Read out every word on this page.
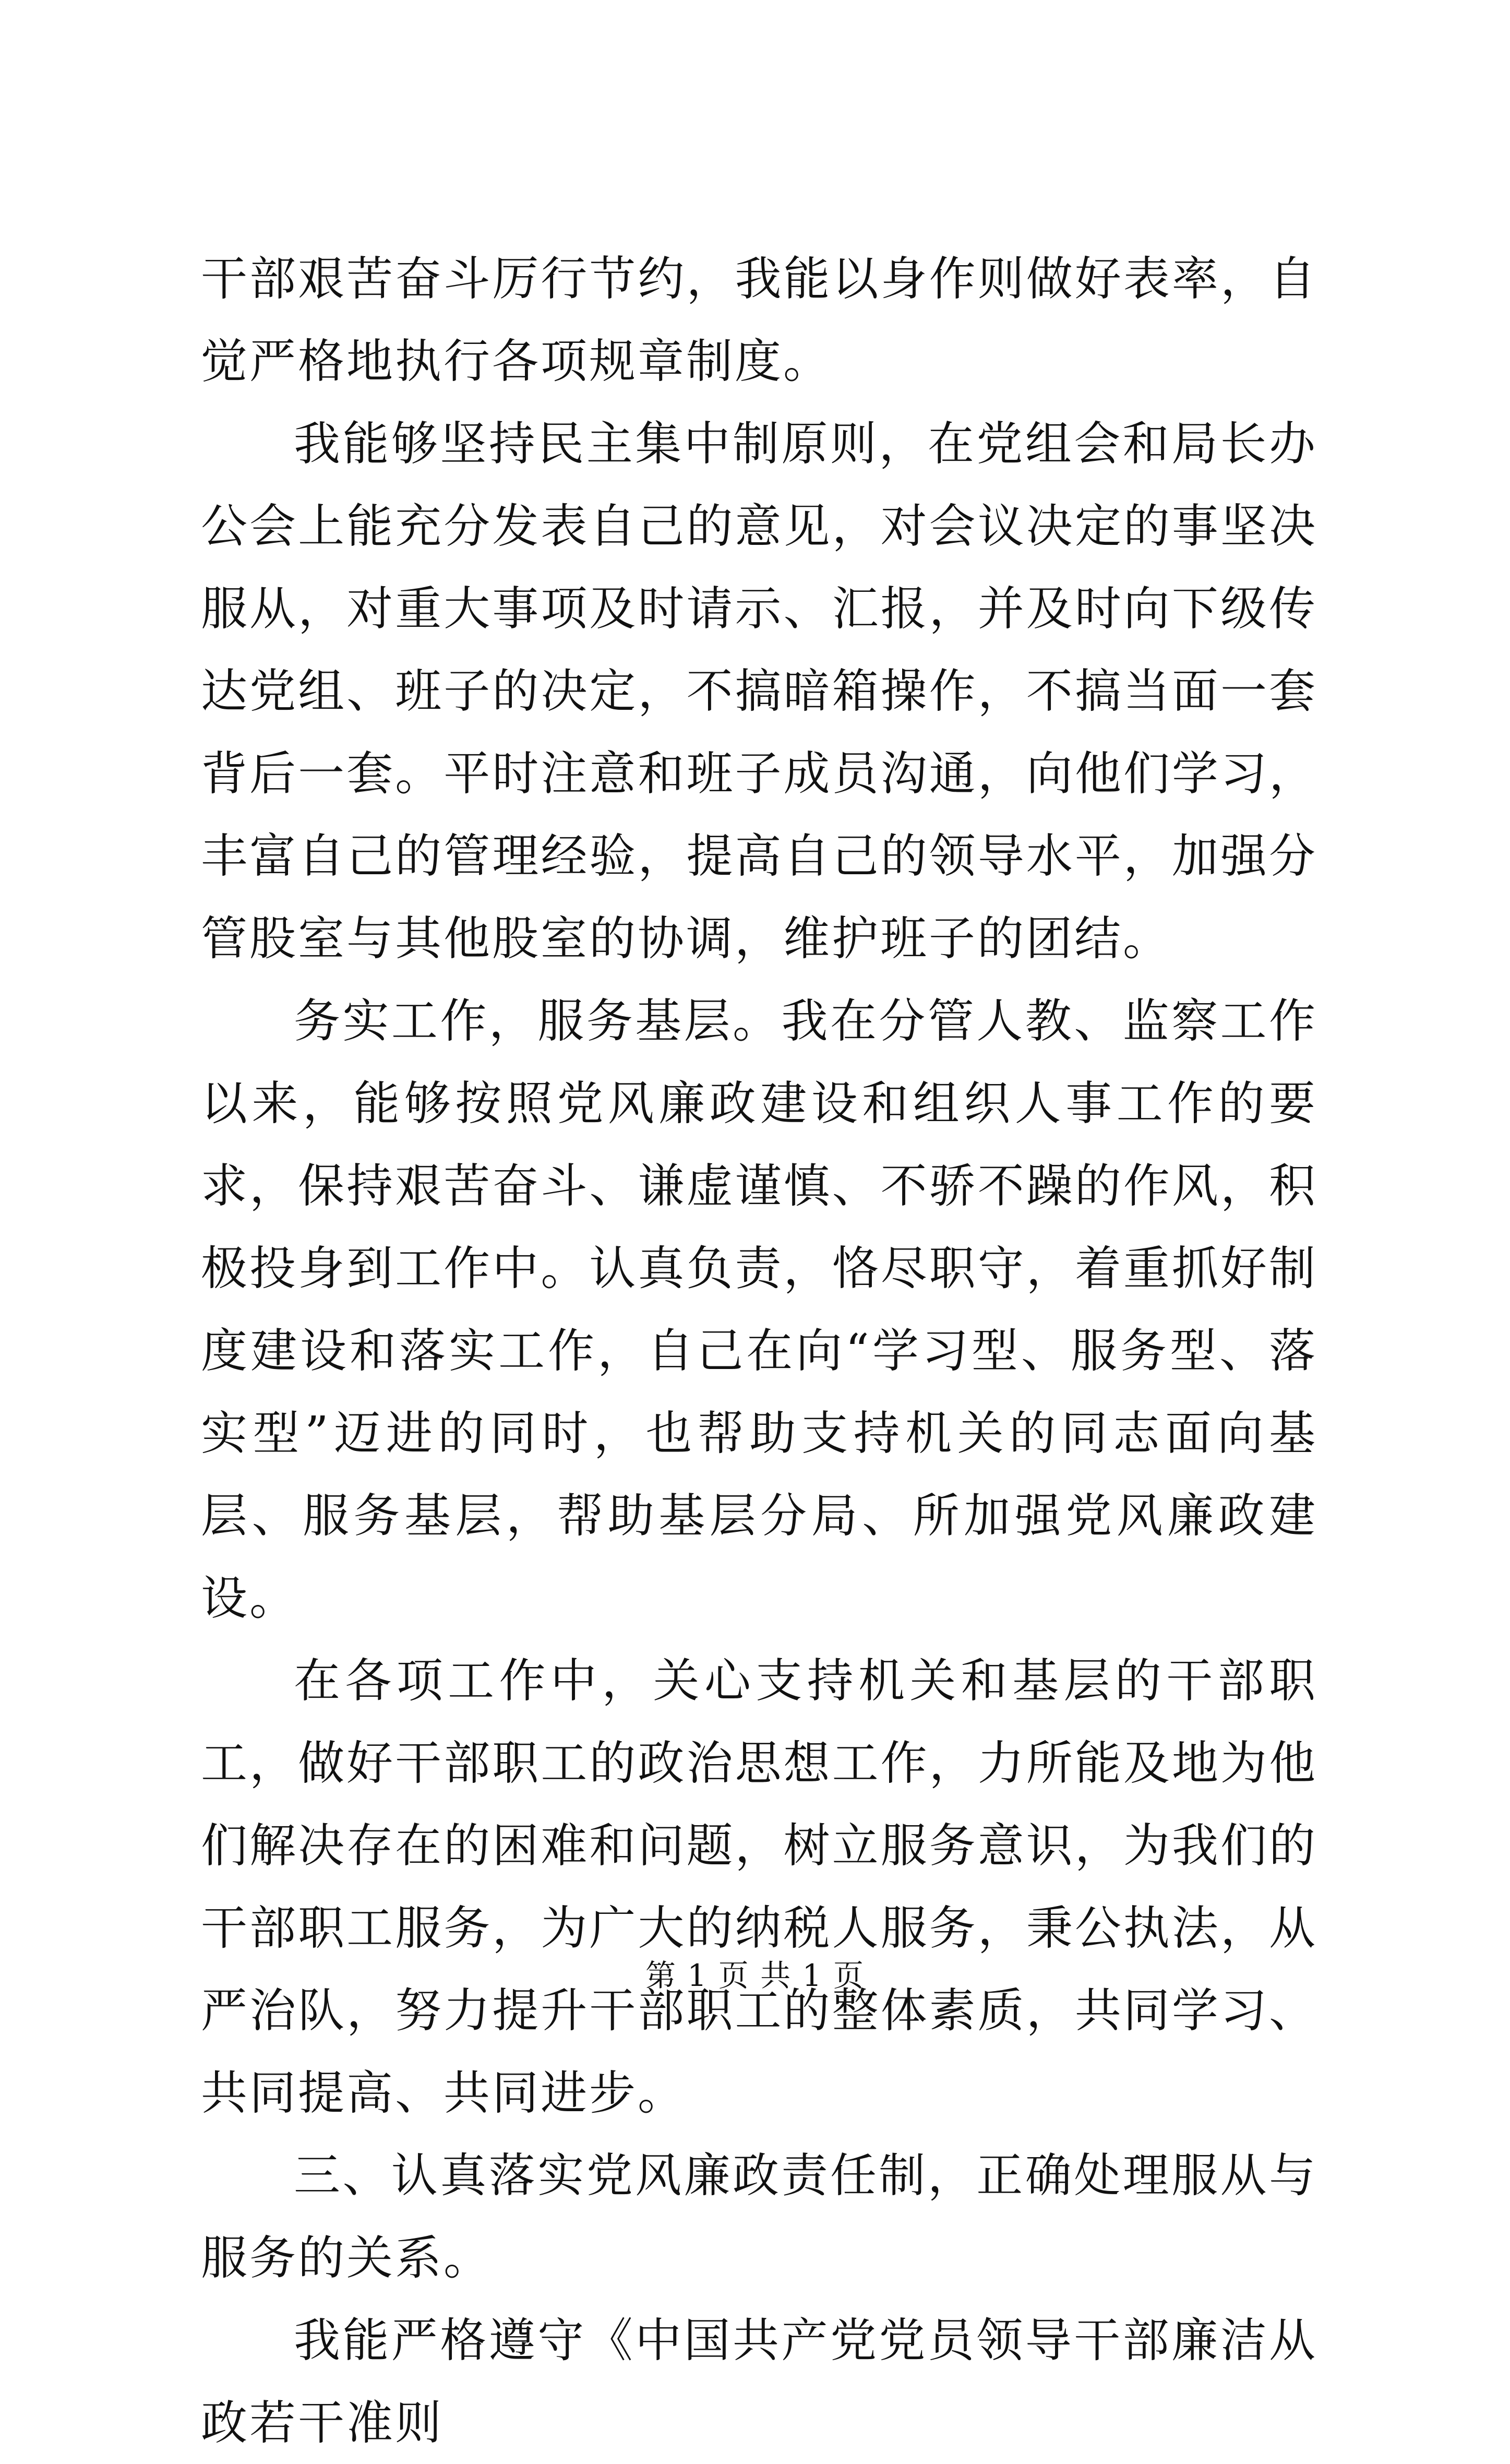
干部艰苦奋斗厉行节约，我能以身作则做好表率，自觉严格地执行各项规章制度。

我能够坚持民主集中制原则，在党组会和局长办公会上能充分发表自己的意见，对会议决定的事坚决服从，对重大事项及时请示、汇报，并及时向下级传达党组、班子的决定，不搞暗箱操作，不搞当面一套背后一套。平时注意和班子成员沟通，向他们学习，丰富自己的管理经验，提高自己的领导水平，加强分管股室与其他股室的协调，维护班子的团结。

务实工作，服务基层。我在分管人教、监察工作以来，能够按照党风廉政建设和组织人事工作的要求，保持艰苦奋斗、谦虚谨慎、不骄不躁的作风，积极投身到工作中。认真负责，恪尽职守，着重抓好制度建设和落实工作，自己在向“学习型、服务型、落实型”迈进的同时，也帮助支持机关的同志面向基层、服务基层，帮助基层分局、所加强党风廉政建设。

在各项工作中，关心支持机关和基层的干部职工，做好干部职工的政治思想工作，力所能及地为他们解决存在的困难和问题，树立服务意识，为我们的干部职工服务，为广大的纳税人服务，秉公执法，从严治队，努力提升干部职工的整体素质，共同学习、共同提高、共同进步。

三、认真落实党风廉政责任制，正确处理服从与服务的关系。

我能严格遵守《中国共产党党员领导干部廉洁从政若干准则

第 1 页 共 1 页
